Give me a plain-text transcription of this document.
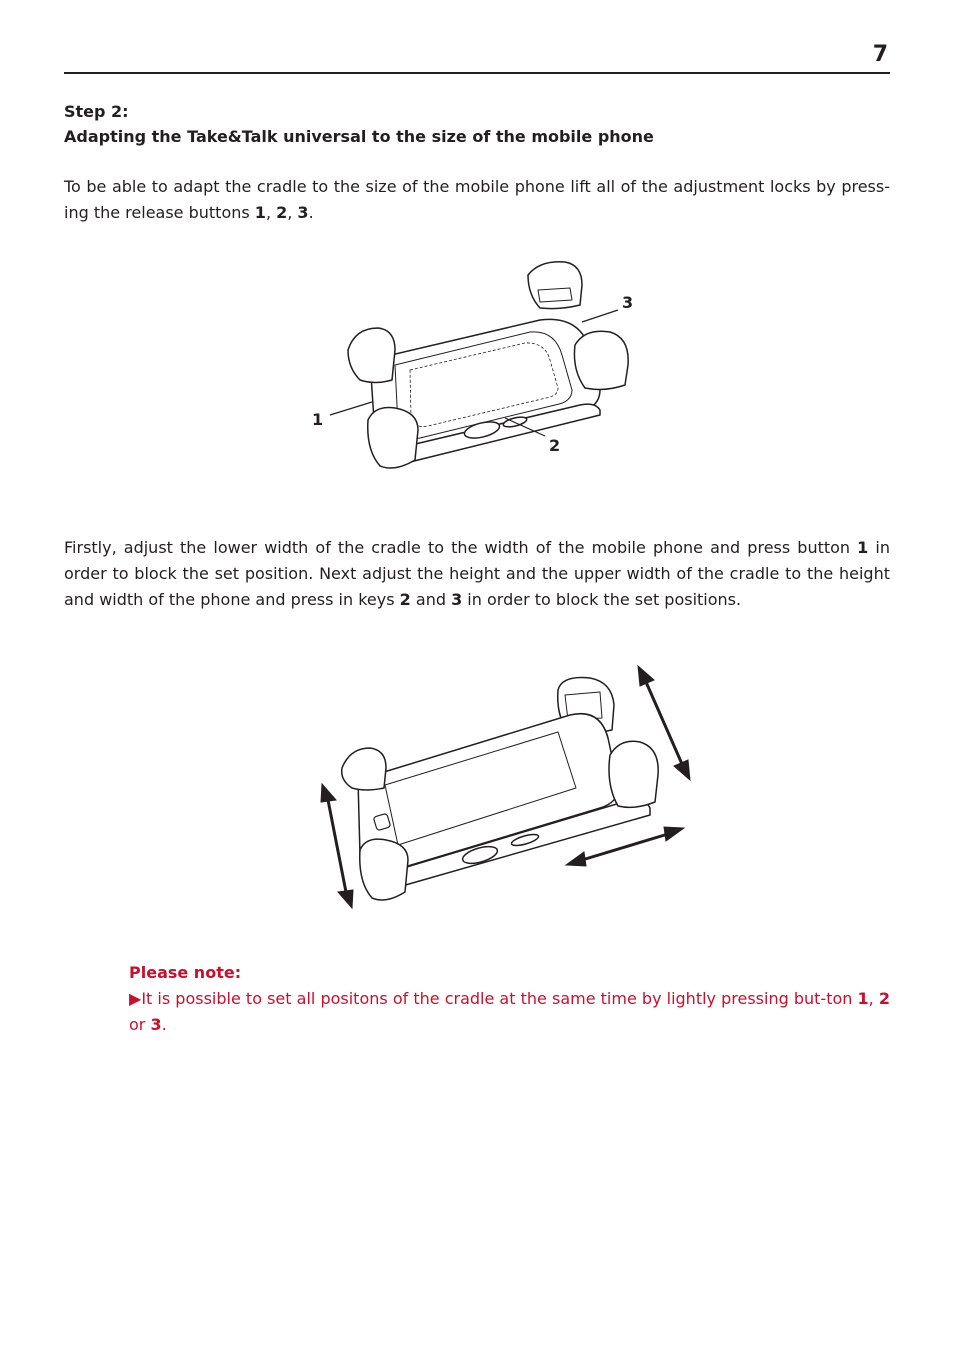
7
Step 2:
Adapting the Take&Talk universal to the size of the mobile phone

To be able to adapt the cradle to the size of the mobile phone lift all of the adjustment locks by press-ing the release buttons 1, 2, 3.

1
2
3

Firstly, adjust the lower width of the cradle to the width of the mobile phone and press button 1 in order to block the set position. Next adjust the height and the upper width of the cradle to the height and width of the phone and press in keys 2 and 3 in order to block the set positions.

Please note:
▶It is possible to set all positons of the cradle at the same time by lightly pressing but-ton 1, 2 or 3.
